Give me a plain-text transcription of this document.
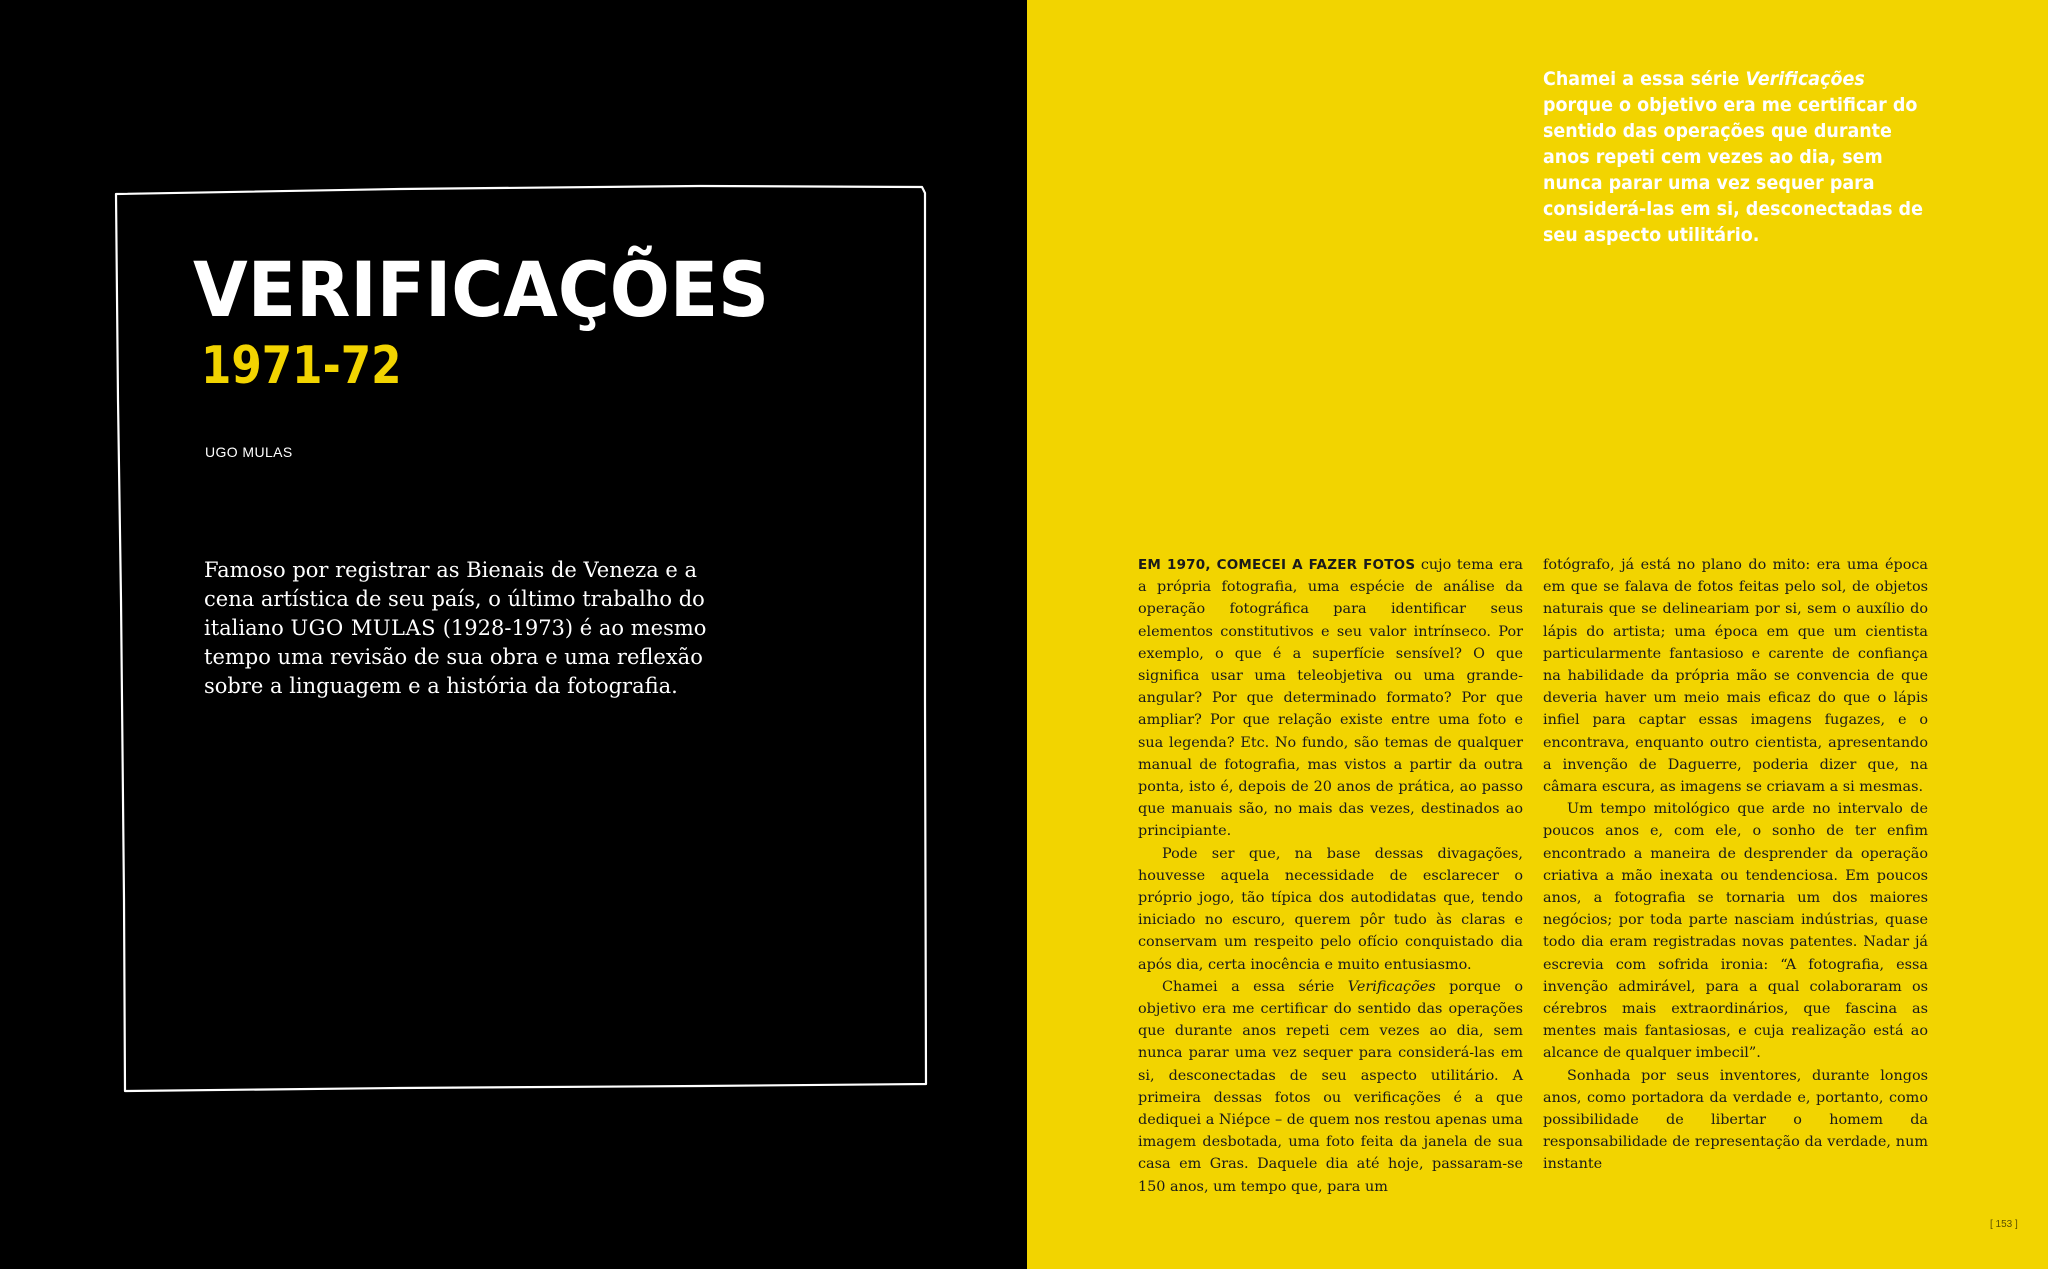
VERIFICAÇÕES
1971-72
UGO MULAS

Famoso por registrar as Bienais de Veneza e a cena artística de seu país, o último trabalho do italiano UGO MULAS (1928-1973) é ao mesmo tempo uma revisão de sua obra e uma reflexão sobre a linguagem e a história da fotografia.

Chamei a essa série Verificações porque o objetivo era me certificar do sentido das operações que durante anos repeti cem vezes ao dia, sem nunca parar uma vez sequer para considerá-las em si, desconectadas de seu aspecto utilitário.

EM 1970, COMECEI A FAZER FOTOS cujo tema era a própria fotografia, uma espécie de análise da operação fotográfica para identificar seus elementos constitutivos e seu valor intrínseco. Por exemplo, o que é a superfície sensível? O que significa usar uma teleobjetiva ou uma grande-angular? Por que determinado formato? Por que ampliar? Por que relação existe entre uma foto e sua legenda? Etc. No fundo, são temas de qualquer manual de fotografia, mas vistos a partir da outra ponta, isto é, depois de 20 anos de prática, ao passo que manuais são, no mais das vezes, destinados ao principiante.

Pode ser que, na base dessas divagações, houvesse aquela necessidade de esclarecer o próprio jogo, tão típica dos autodidatas que, tendo iniciado no escuro, querem pôr tudo às claras e conservam um respeito pelo ofício conquistado dia após dia, certa inocência e muito entusiasmo.

Chamei a essa série Verificações porque o objetivo era me certificar do sentido das operações que durante anos repeti cem vezes ao dia, sem nunca parar uma vez sequer para considerá-las em si, desconectadas de seu aspecto utilitário. A primeira dessas fotos ou verificações é a que dediquei a Niépce – de quem nos restou apenas uma imagem desbotada, uma foto feita da janela de sua casa em Gras. Daquele dia até hoje, passaram-se 150 anos, um tempo que, para um

fotógrafo, já está no plano do mito: era uma época em que se falava de fotos feitas pelo sol, de objetos naturais que se delineariam por si, sem o auxílio do lápis do artista; uma época em que um cientista particularmente fantasioso e carente de confiança na habilidade da própria mão se convencia de que deveria haver um meio mais eficaz do que o lápis infiel para captar essas imagens fugazes, e o encontrava, enquanto outro cientista, apresentando a invenção de Daguerre, poderia dizer que, na câmara escura, as imagens se criavam a si mesmas.

Um tempo mitológico que arde no intervalo de poucos anos e, com ele, o sonho de ter enfim encontrado a maneira de desprender da operação criativa a mão inexata ou tendenciosa. Em poucos anos, a fotografia se tornaria um dos maiores negócios; por toda parte nasciam indústrias, quase todo dia eram registradas novas patentes. Nadar já escrevia com sofrida ironia: “A fotografia, essa invenção admirável, para a qual colaboraram os cérebros mais extraordinários, que fascina as mentes mais fantasiosas, e cuja realização está ao alcance de qualquer imbecil”.

Sonhada por seus inventores, durante longos anos, como portadora da verdade e, portanto, como possibilidade de libertar o homem da responsabilidade de representação da verdade, num instante

[ 153 ]
